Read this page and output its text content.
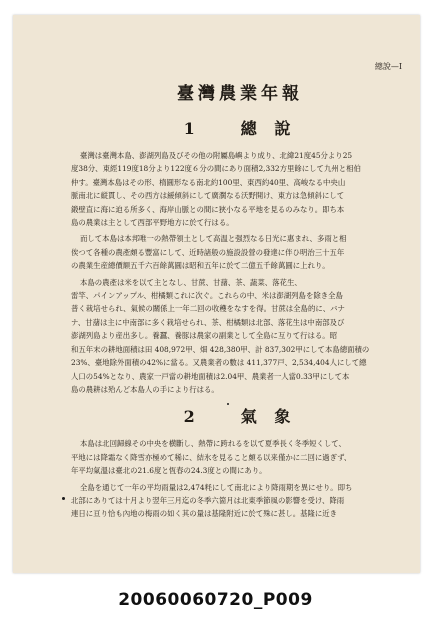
總說—Ⅰ
臺灣農業年報
1	總 說
臺灣は臺灣本島、澎湖列島及びその他の附屬島嶼より成り、北緯21度45分より25
度38分、東經119度18分より122度６分の間にあり面積2,332方里餘にして九州と相伯
仲す。臺灣本島はその形、楕圓形なる南北約100里、東西約40里、高峻なる中央山
脈南北に縦貫し、その西方は緩傾斜にして廣濶なる沃野開け、東方は急傾斜にして
鍛壁直に海に迫る所多く、海岸山脈との間に狹小なる平地を見るのみなり。即ち本
島の農業は主として西部平野地方に於て行はる。
而して本島は本邦唯一の熱帶領土として高温と强烈なる日光に惠まれ、多雨と相
俟つて各種の農產頗る豐富にして、近時諸般の施設設營の發達に伴ひ明治三十五年
の農業生産總價額五千六百餘萬圓は昭和五年に於て二億五千餘萬圓に上れり。
本島の農產は米を以て主となし、甘蔗、甘藷、茶、蔬菜、落花生、
雷竿、パインアップル、柑橘類これに次ぐ。これらの中、米は澎湖列島を除き全島
普く栽培せられ、氣候の關係上一年二回の收穫をなすを得。甘蔗は全島的に、バナ
ナ、甘藷は主に中南部に多く栽培せられ、茶、柑橘類は北部、落花生は中南部及び
澎湖列島より産出多し。養蠶、養豚は農家の副業として全島に互りて行はる。昭
和五年末の耕地面積は田 408,972甲、畑 428,380甲、計 837,302甲にして本島總面積の
23%、臺地除外面積の42%に當る。又農業者の數は 411,377戸、2,534,404人にして總
人口の54%となり、農家一戸當の耕地面積は2.04甲、農業者一人當0.33甲にして本
島の農耕は殆んど本島人の手により行はる。
2	氣 象
本島は北回歸線その中央を横斷し、熱帶に跨れるを以て夏季長く冬季短くして、
平地には降霜なく降雪亦極めて稀に、結氷を見ること頗る以来僅かに二回に過ぎず、
年平均氣溫は臺北の21.6度と恆春の24.3度との間にあり。
全島を通じて一年の平均雨量は2,474粍にして南北により降雨期を異にせり。即ち
北部にありては十月より翌年三月迄の冬季六箇月は北東季節風の影響を受け、降雨
連日に亘り恰も內地の梅雨の如く其の量は基隆附近に於て殊に甚し。基隆に近き
20060060720_P009
